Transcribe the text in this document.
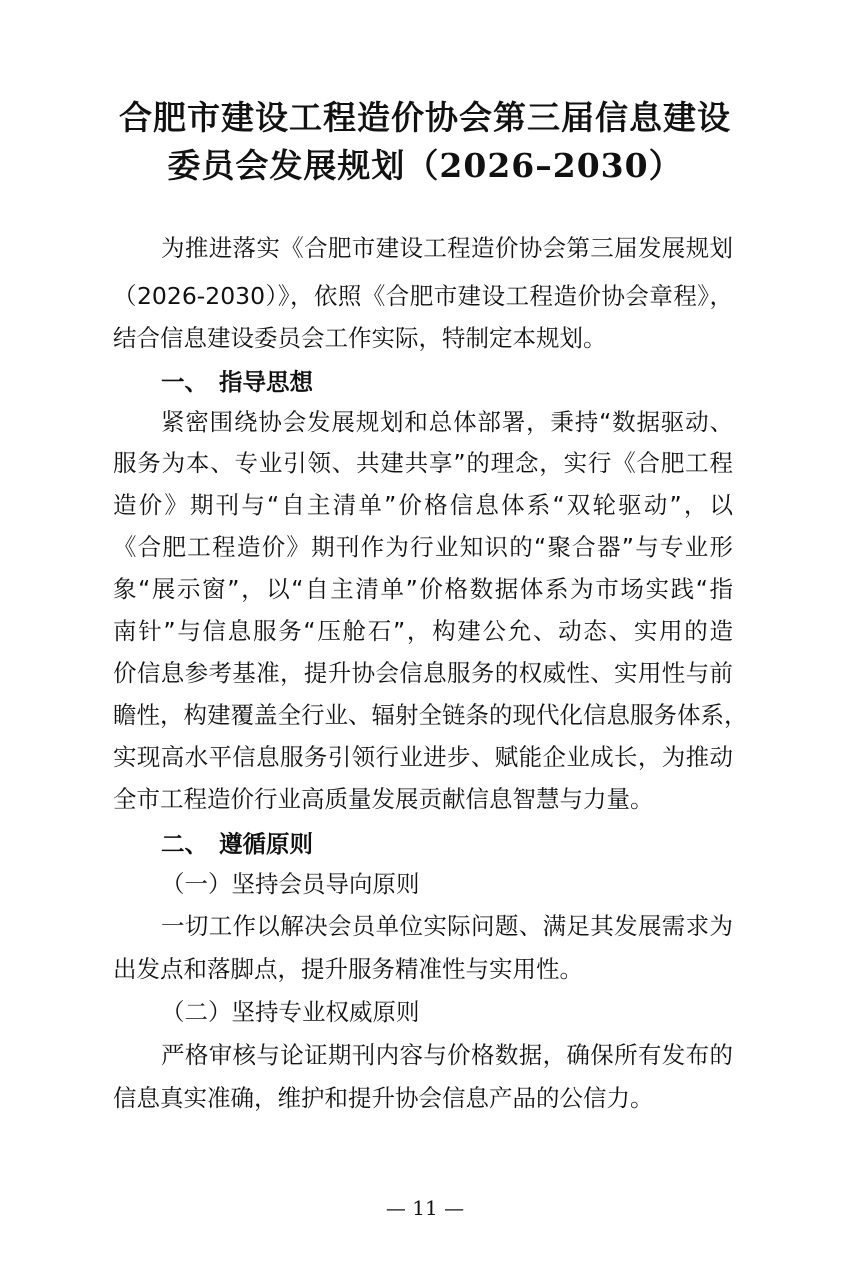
合肥市建设工程造价协会第三届信息建设
委员会发展规划（2026–2030）
为推进落实《合肥市建设工程造价协会第三届发展规划
（2026-2030）》，依照《合肥市建设工程造价协会章程》，
结合信息建设委员会工作实际，特制定本规划。
一、 指导思想
紧密围绕协会发展规划和总体部署，秉持“数据驱动、
服务为本、专业引领、共建共享”的理念，实行《合肥工程
造价》期刊与“自主清单”价格信息体系“双轮驱动”，以
《合肥工程造价》期刊作为行业知识的“聚合器”与专业形
象“展示窗”，以“自主清单”价格数据体系为市场实践“指
南针”与信息服务“压舱石”，构建公允、动态、实用的造
价信息参考基准，提升协会信息服务的权威性、实用性与前
瞻性，构建覆盖全行业、辐射全链条的现代化信息服务体系，
实现高水平信息服务引领行业进步、赋能企业成长，为推动
全市工程造价行业高质量发展贡献信息智慧与力量。
二、 遵循原则
（一）坚持会员导向原则
一切工作以解决会员单位实际问题、满足其发展需求为
出发点和落脚点，提升服务精准性与实用性。
（二）坚持专业权威原则
严格审核与论证期刊内容与价格数据，确保所有发布的
信息真实准确，维护和提升协会信息产品的公信力。
— 11 —
